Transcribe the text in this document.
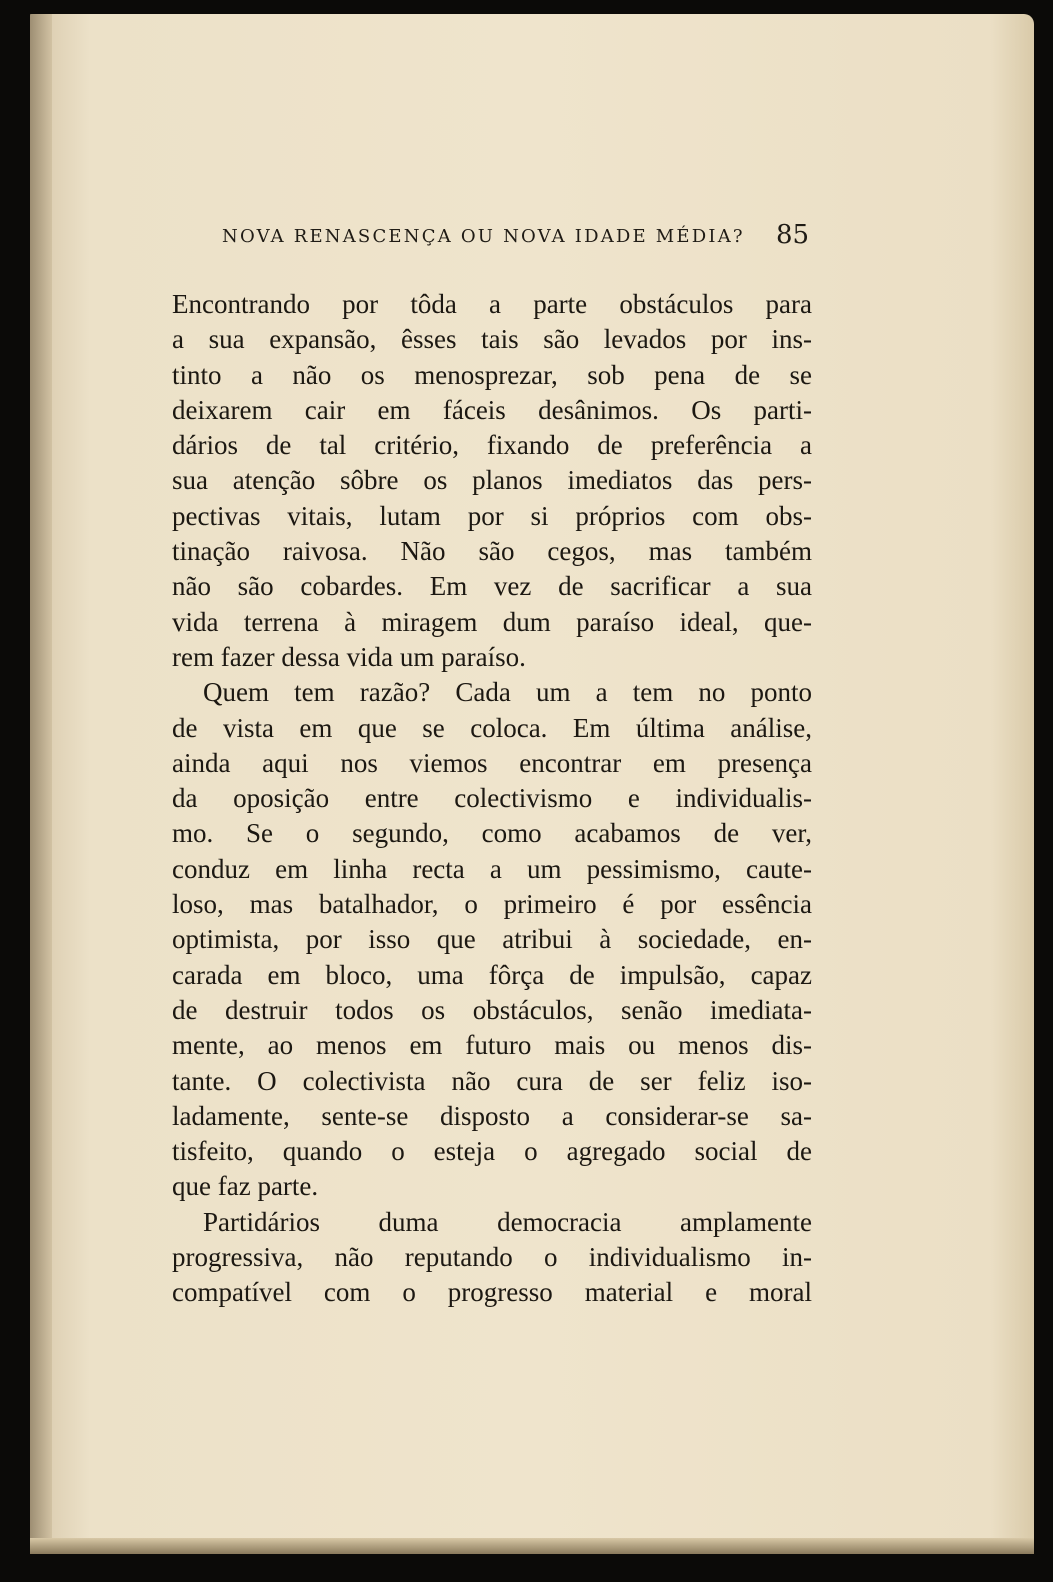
NOVA RENASCENÇA OU NOVA IDADE MÉDIA? 85
Encontrando por tôda a parte obstáculos para
a sua expansão, êsses tais são levados por ins-
tinto a não os menosprezar, sob pena de se
deixarem cair em fáceis desânimos. Os parti-
dários de tal critério, fixando de preferência a
sua atenção sôbre os planos imediatos das pers-
pectivas vitais, lutam por si próprios com obs-
tinação raivosa. Não são cegos, mas também
não são cobardes. Em vez de sacrificar a sua
vida terrena à miragem dum paraíso ideal, que-
rem fazer dessa vida um paraíso.
Quem tem razão? Cada um a tem no ponto
de vista em que se coloca. Em última análise,
ainda aqui nos viemos encontrar em presença
da oposição entre colectivismo e individualis-
mo. Se o segundo, como acabamos de ver,
conduz em linha recta a um pessimismo, caute-
loso, mas batalhador, o primeiro é por essência
optimista, por isso que atribui à sociedade, en-
carada em bloco, uma fôrça de impulsão, capaz
de destruir todos os obstáculos, senão imediata-
mente, ao menos em futuro mais ou menos dis-
tante. O colectivista não cura de ser feliz iso-
ladamente, sente-se disposto a considerar-se sa-
tisfeito, quando o esteja o agregado social de
que faz parte.
Partidários duma democracia amplamente
progressiva, não reputando o individualismo in-
compatível com o progresso material e moral
